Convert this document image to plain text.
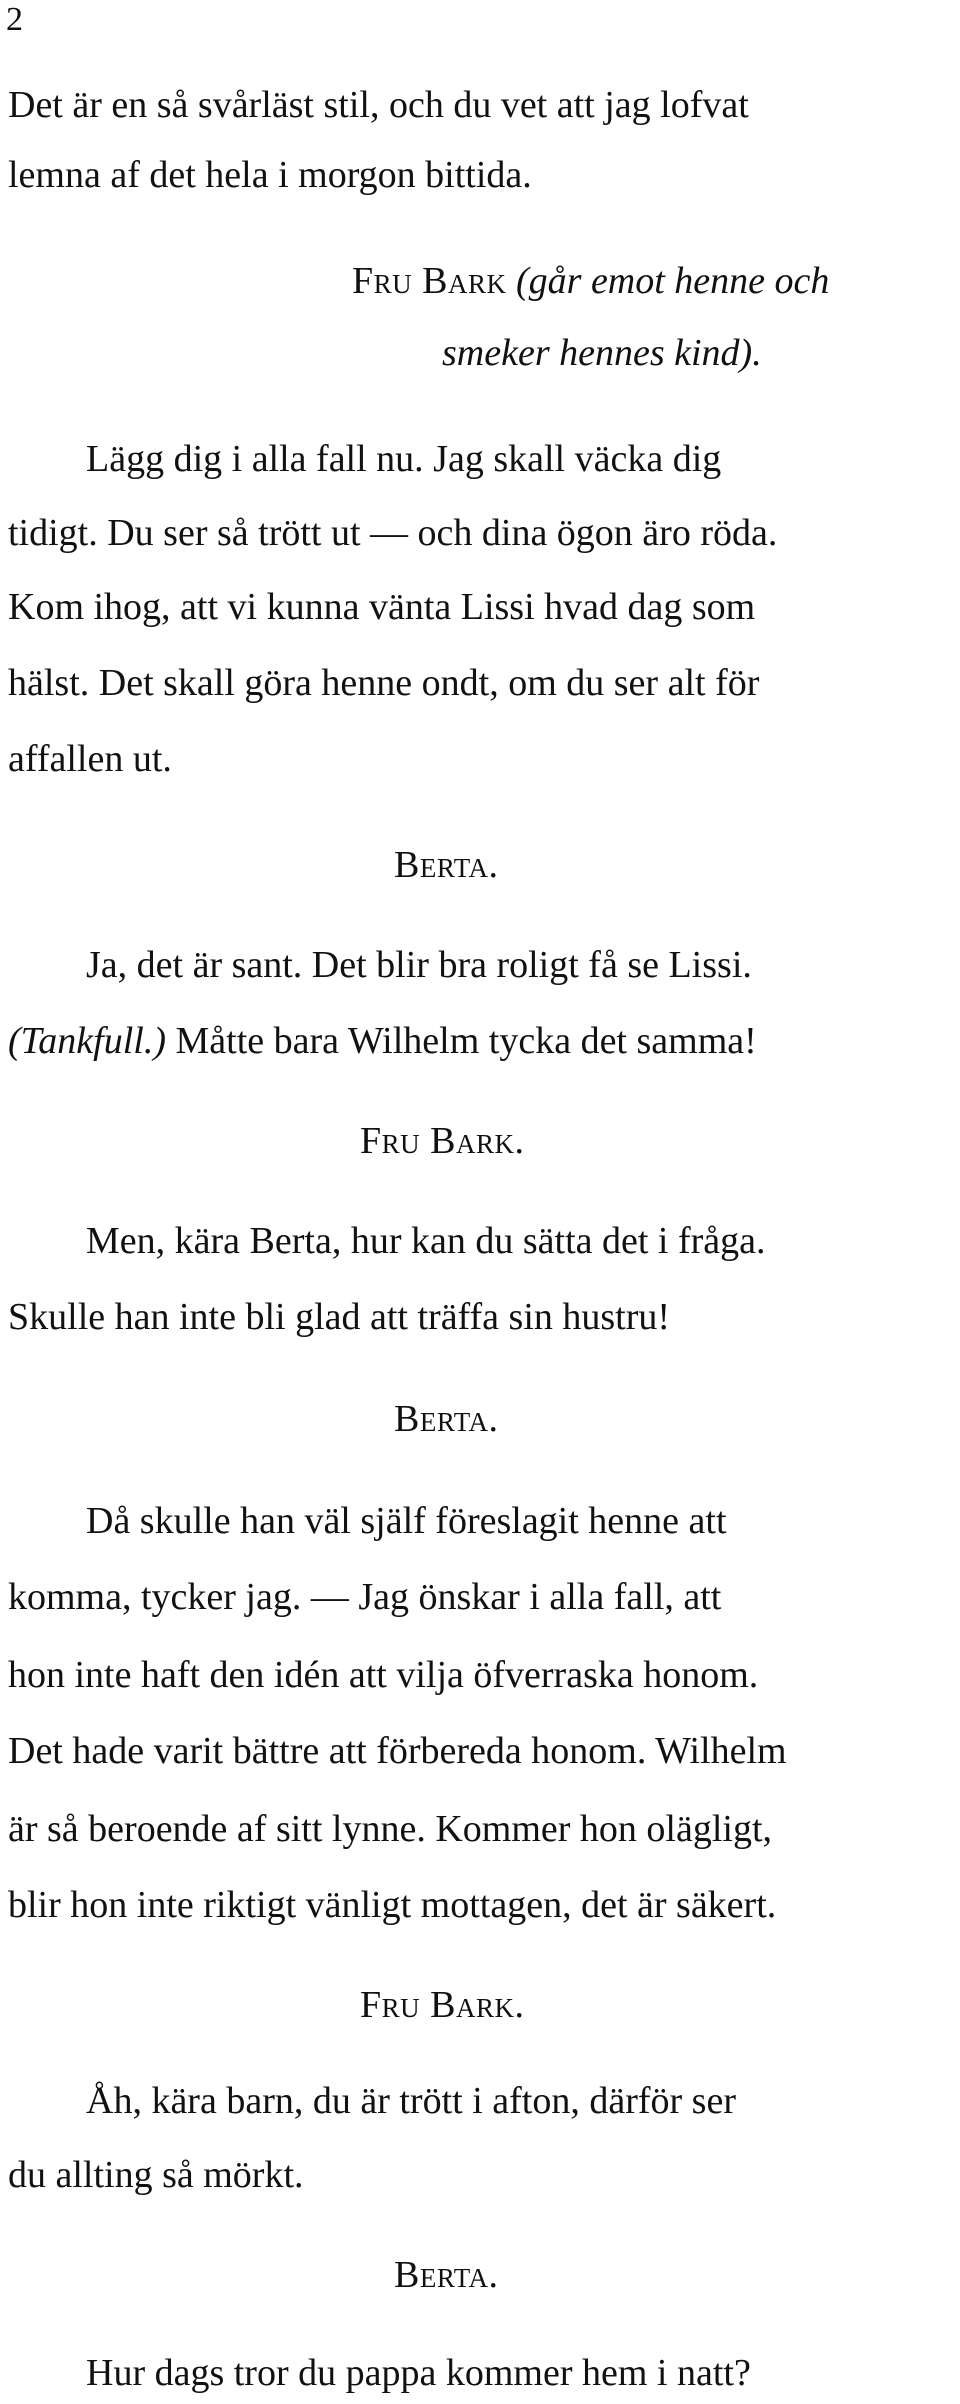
2
Det är en så svårläst stil, och du vet att jag lofvat
lemna af det hela i morgon bittida.
Fru Bark (går emot henne och
smeker hennes kind).
Lägg dig i alla fall nu. Jag skall väcka dig
tidigt. Du ser så trött ut — och dina ögon äro röda.
Kom ihog, att vi kunna vänta Lissi hvad dag som
hälst. Det skall göra henne ondt, om du ser alt för
affallen ut.
Berta.
Ja, det är sant. Det blir bra roligt få se Lissi.
(Tankfull.) Måtte bara Wilhelm tycka det samma!
Fru Bark.
Men, kära Berta, hur kan du sätta det i fråga.
Skulle han inte bli glad att träffa sin hustru!
Berta.
Då skulle han väl själf föreslagit henne att
komma, tycker jag. — Jag önskar i alla fall, att
hon inte haft den idén att vilja öfverraska honom.
Det hade varit bättre att förbereda honom. Wilhelm
är så beroende af sitt lynne. Kommer hon olägligt,
blir hon inte riktigt vänligt mottagen, det är säkert.
Fru Bark.
Åh, kära barn, du är trött i afton, därför ser
du allting så mörkt.
Berta.
Hur dags tror du pappa kommer hem i natt?
